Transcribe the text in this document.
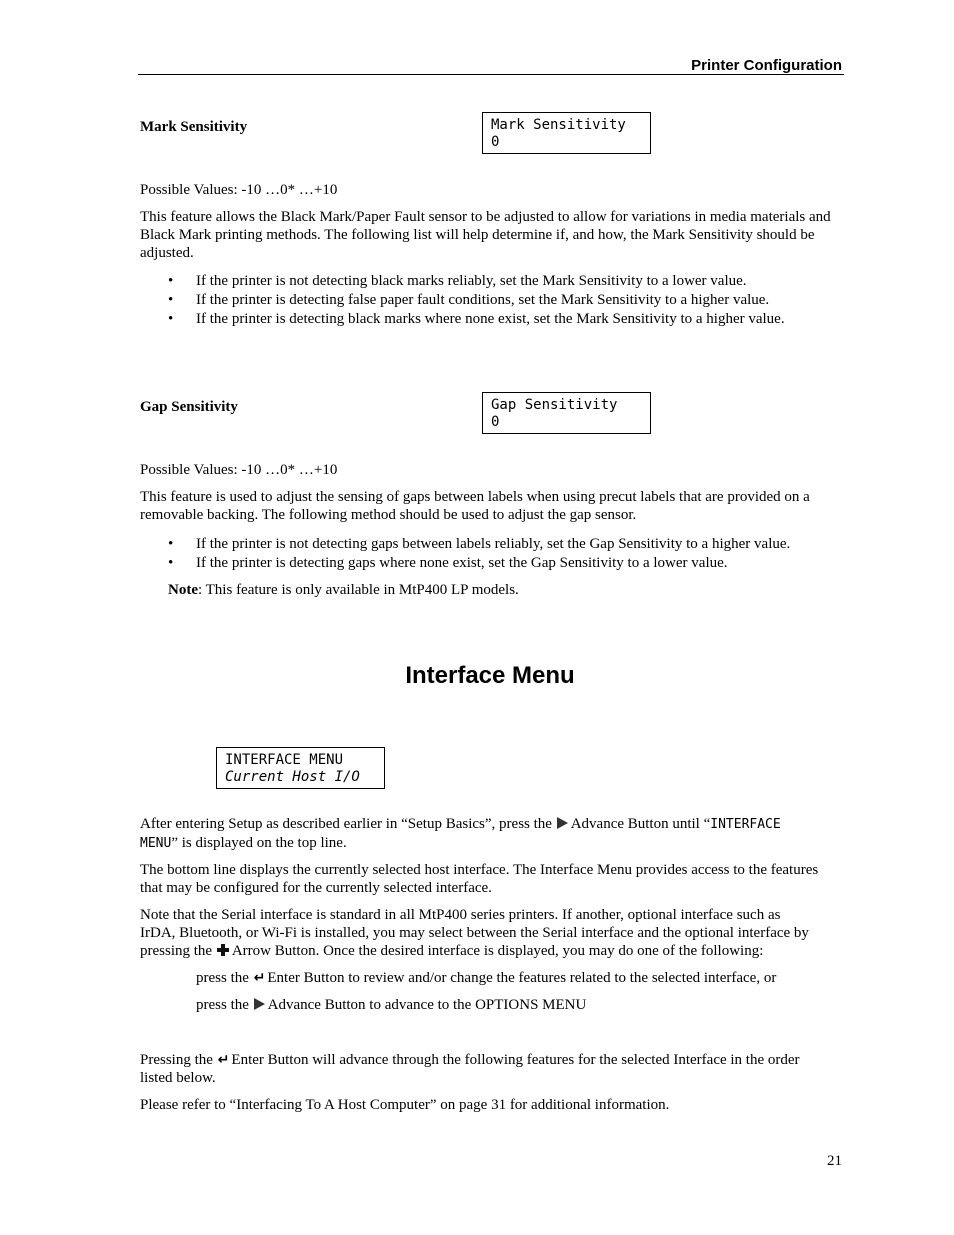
Printer Configuration
Mark Sensitivity	Mark Sensitivity
0
Possible Values: -10 …0* …+10
This feature allows the Black Mark/Paper Fault sensor to be adjusted to allow for variations in media materials and Black Mark printing methods. The following list will help determine if, and how, the Mark Sensitivity should be adjusted.
• If the printer is not detecting black marks reliably, set the Mark Sensitivity to a lower value.
• If the printer is detecting false paper fault conditions, set the Mark Sensitivity to a higher value.
• If the printer is detecting black marks where none exist, set the Mark Sensitivity to a higher value.
Gap Sensitivity	Gap Sensitivity
0
Possible Values: -10 …0* …+10
This feature is used to adjust the sensing of gaps between labels when using precut labels that are provided on a removable backing. The following method should be used to adjust the gap sensor.
• If the printer is not detecting gaps between labels reliably, set the Gap Sensitivity to a higher value.
• If the printer is detecting gaps where none exist, set the Gap Sensitivity to a lower value.
Note: This feature is only available in MtP400 LP models.
Interface Menu
INTERFACE MENU
Current Host I/O
After entering Setup as described earlier in “Setup Basics”, press the Advance Button until “INTERFACE
MENU” is displayed on the top line.
The bottom line displays the currently selected host interface. The Interface Menu provides access to the features that may be configured for the currently selected interface.
Note that the Serial interface is standard in all MtP400 series printers. If another, optional interface such as
IrDA, Bluetooth, or Wi-Fi is installed, you may select between the Serial interface and the optional interface by
pressing the Arrow Button. Once the desired interface is displayed, you may do one of the following:
press the ↵ Enter Button to review and/or change the features related to the selected interface, or
press the Advance Button to advance to the OPTIONS MENU
Pressing the ↵ Enter Button will advance through the following features for the selected Interface in the order
listed below.
Please refer to “Interfacing To A Host Computer” on page 31 for additional information.
21
